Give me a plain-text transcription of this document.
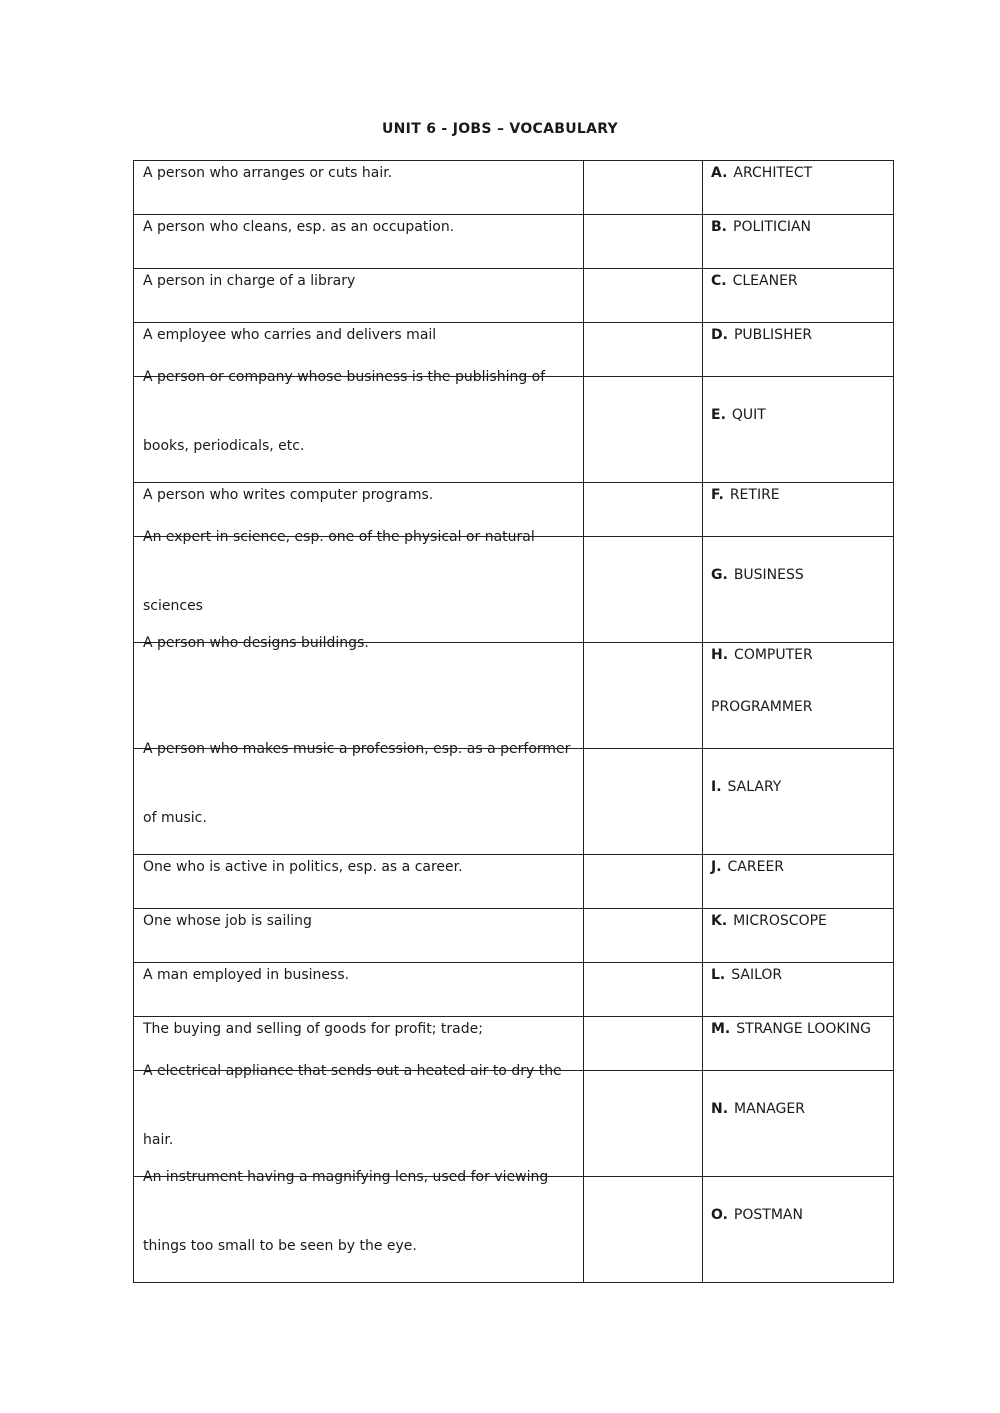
UNIT 6 - JOBS – VOCABULARY
A person who arranges or cuts hair.		A. ARCHITECT

A person who cleans, esp. as an occupation.		B. POLITICIAN

A person in charge of a library		C. CLEANER

A employee who carries and delivers mail		D. PUBLISHER

A person or company whose business is the publishing of
books, periodicals, etc.		E. QUIT

A person who writes computer programs.		F. RETIRE

An expert in science, esp. one of the physical or natural
sciences		G. BUSINESS

A person who designs buildings.		H. COMPUTER
PROGRAMMER

A person who makes music a profession, esp. as a performer
of music.		I. SALARY

One who is active in politics, esp. as a career.		J. CAREER

One whose job is sailing		K. MICROSCOPE

A man employed in business.		L. SAILOR

The buying and selling of goods for profit; trade;		M. STRANGE LOOKING

A electrical appliance that sends out a heated air to dry the
hair.		N. MANAGER

An instrument having a magnifying lens, used for viewing
things too small to be seen by the eye.		O. POSTMAN
